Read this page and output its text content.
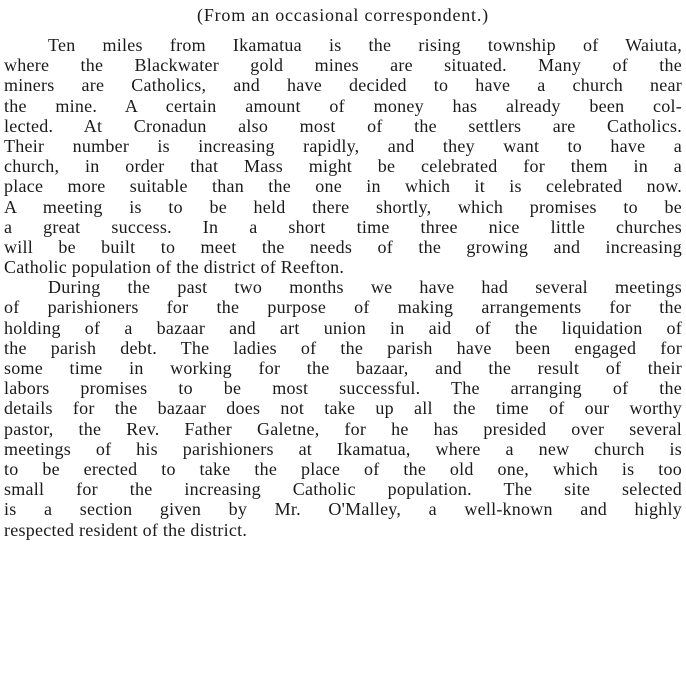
(From an occasional correspondent.)
Ten miles from Ikamatua is the rising township of Waiuta,
where the Blackwater gold mines are situated. Many of the
miners are Catholics, and have decided to have a church near
the mine. A certain amount of money has already been col-
lected. At Cronadun also most of the settlers are Catholics.
Their number is increasing rapidly, and they want to have a
church, in order that Mass might be celebrated for them in a
place more suitable than the one in which it is celebrated now.
A meeting is to be held there shortly, which promises to be
a great success. In a short time three nice little churches
will be built to meet the needs of the growing and increasing
Catholic population of the district of Reefton.
During the past two months we have had several meetings
of parishioners for the purpose of making arrangements for the
holding of a bazaar and art union in aid of the liquidation of
the parish debt. The ladies of the parish have been engaged for
some time in working for the bazaar, and the result of their
labors promises to be most successful. The arranging of the
details for the bazaar does not take up all the time of our worthy
pastor, the Rev. Father Galetne, for he has presided over several
meetings of his parishioners at Ikamatua, where a new church is
to be erected to take the place of the old one, which is too
small for the increasing Catholic population. The site selected
is a section given by Mr. O'Malley, a well-known and highly
respected resident of the district.
